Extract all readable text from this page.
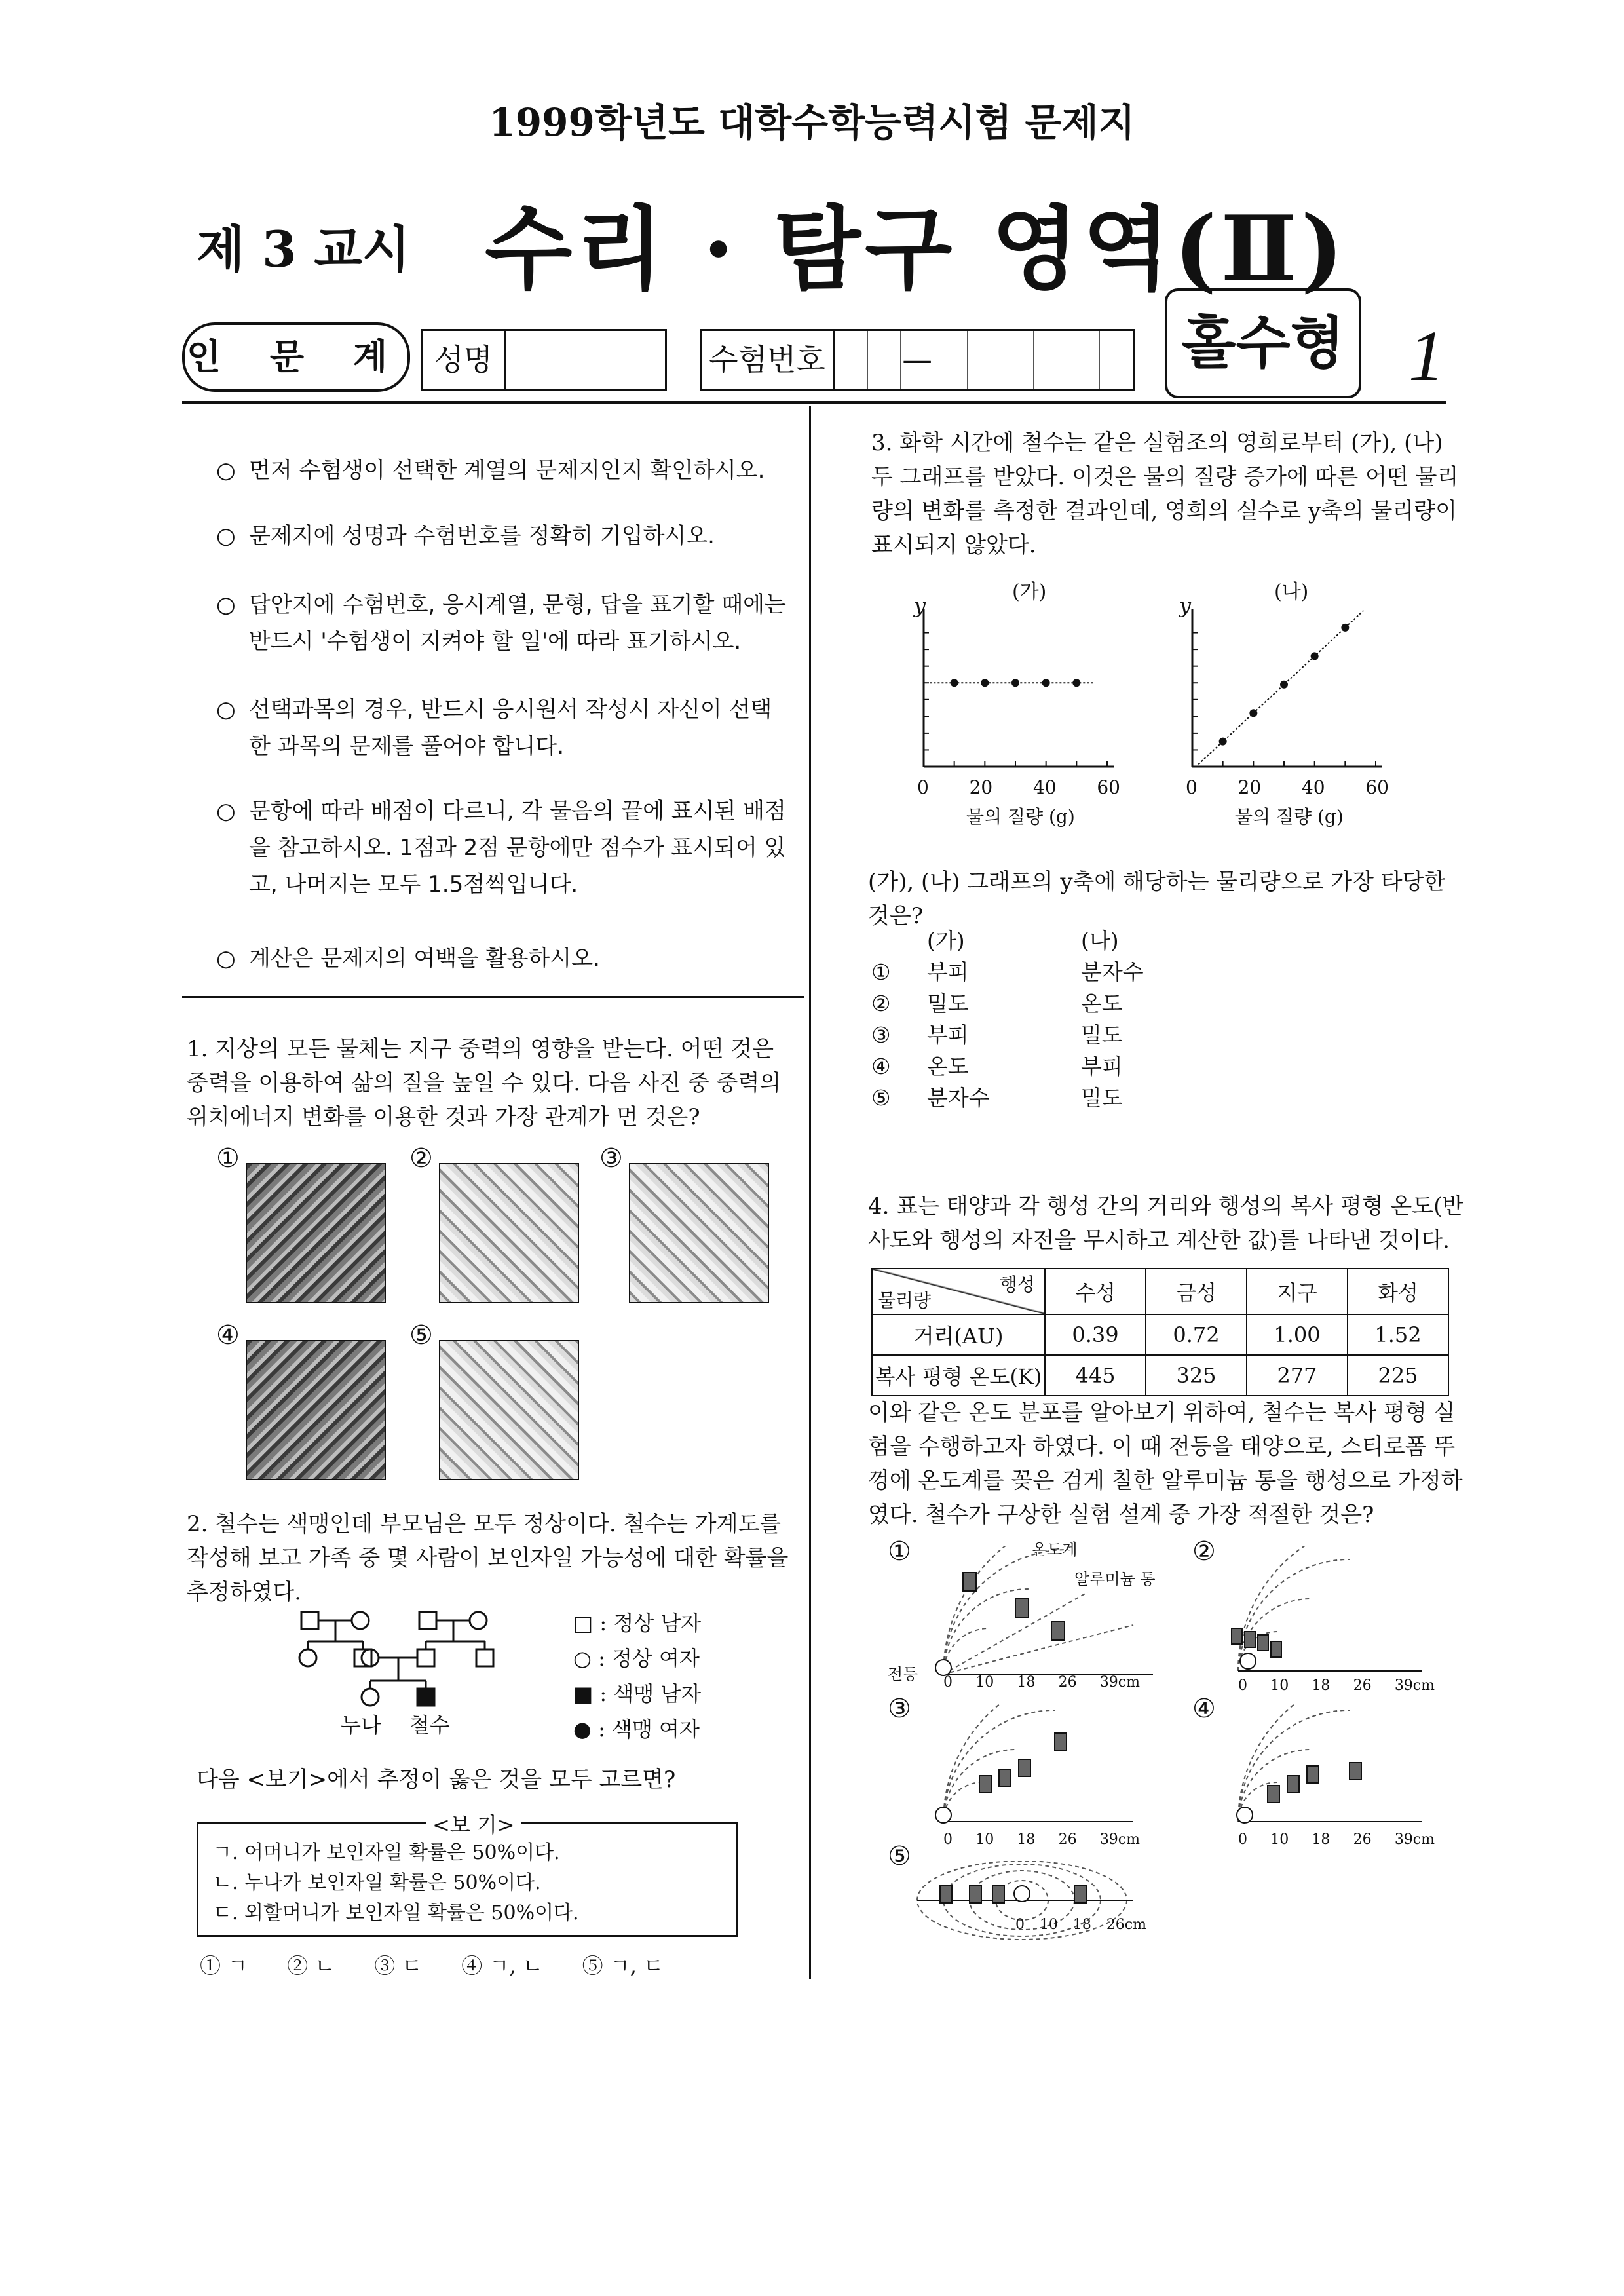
1999학년도 대학수학능력시험 문제지
제 3 교시 수리 · 탐구 영역(Ⅱ)
인 문 계 성명	수험번호	—	홀수형 1
○ 먼저 수험생이 선택한 계열의 문제지인지 확인하시오.
○ 문제지에 성명과 수험번호를 정확히 기입하시오.
○ 답안지에 수험번호, 응시계열, 문형, 답을 표기할 때에는 반드시 '수험생이 지켜야 할 일'에 따라 표기하시오.
○ 선택과목의 경우, 반드시 응시원서 작성시 자신이 선택한 과목의 문제를 풀어야 합니다.
○ 문항에 따라 배점이 다르니, 각 물음의 끝에 표시된 배점을 참고하시오. 1점과 2점 문항에만 점수가 표시되어 있고, 나머지는 모두 1.5점씩입니다.
○ 계산은 문제지의 여백을 활용하시오.
1. 지상의 모든 물체는 지구 중력의 영향을 받는다. 어떤 것은 중력을 이용하여 삶의 질을 높일 수 있다. 다음 사진 중 중력의 위치에너지 변화를 이용한 것과 가장 관계가 먼 것은?
①	②	③
④	⑤
2. 철수는 색맹인데 부모님은 모두 정상이다. 철수는 가계도를 작성해 보고 가족 중 몇 사람이 보인자일 가능성에 대한 확률을 추정하였다.
누나 철수
□ : 정상 남자
○ : 정상 여자
■ : 색맹 남자
● : 색맹 여자
다음 <보기>에서 추정이 옳은 것을 모두 고르면?
<보 기>
ㄱ. 어머니가 보인자일 확률은 50%이다.
ㄴ. 누나가 보인자일 확률은 50%이다.
ㄷ. 외할머니가 보인자일 확률은 50%이다.
① ㄱ ② ㄴ ③ ㄷ ④ ㄱ, ㄴ ⑤ ㄱ, ㄷ
3. 화학 시간에 철수는 같은 실험조의 영희로부터 (가), (나) 두 그래프를 받았다. 이것은 물의 질량 증가에 따른 어떤 물리량의 변화를 측정한 결과인데, 영희의 실수로 y축의 물리량이 표시되지 않았다.
(가)
y
0 20 40 60
물의 질량 (g)
(나)
y
0 20 40 60
물의 질량 (g)
(가), (나) 그래프의 y축에 해당하는 물리량으로 가장 타당한 것은?
(가)	(나)
①	부피	분자수
②	밀도	온도
③	부피	밀도
④	온도	부피
⑤	분자수	밀도
4. 표는 태양과 각 행성 간의 거리와 행성의 복사 평형 온도(반사도와 행성의 자전을 무시하고 계산한 값)를 나타낸 것이다.
행성
물리량	수성	금성	지구	화성
거리(AU)	0.39	0.72	1.00	1.52
복사 평형 온도(K)	445	325	277	225
이와 같은 온도 분포를 알아보기 위하여, 철수는 복사 평형 실험을 수행하고자 하였다. 이 때 전등을 태양으로, 스티로폼 뚜껑에 온도계를 꽂은 검게 칠한 알루미늄 통을 행성으로 가정하였다. 철수가 구상한 실험 설계 중 가장 적절한 것은?
①	②
③	④
⑤
온도계
알루미늄 통
전등 0 10 18 26 39cm	0 10 18 26 39cm
0 10 18 26 39cm	0 10 18 26 39cm
0 10 18 26cm
